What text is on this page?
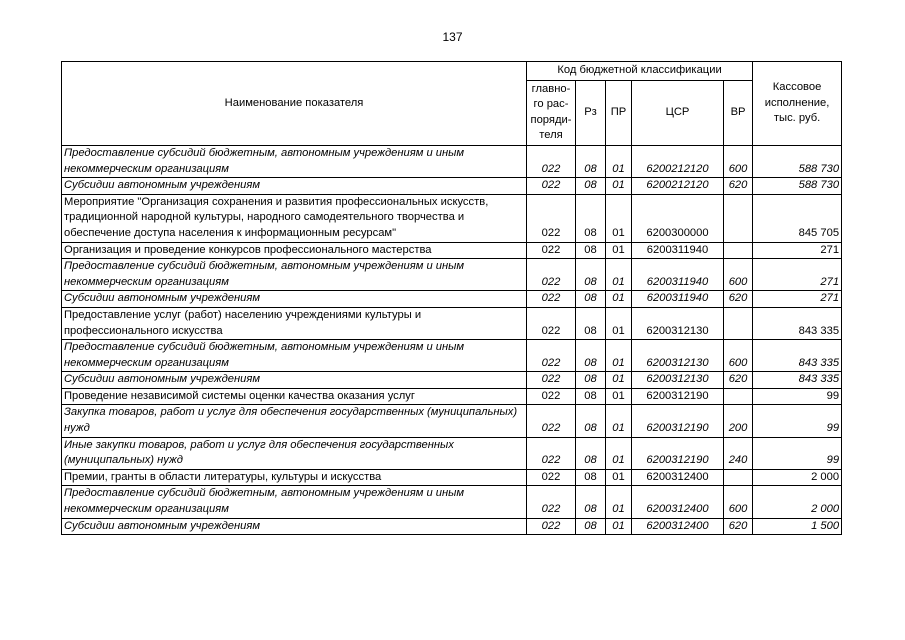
137
Наименование показателя	Код бюджетной классификации					Кассовое исполнение, тыс. руб.
	главно-
го рас-
поряди-
теля	Рз	ПР	ЦСР	ВР	
Предоставление субсидий бюджетным, автономным учреждениям и иным некоммерческим организациям	022	08	01	6200212120	600	588 730
Субсидии автономным учреждениям	022	08	01	6200212120	620	588 730
Мероприятие "Организация сохранения и развития профессиональных искусств, традиционной народной культуры, народного самодеятельного творчества и обеспечение доступа населения к информационным ресурсам"	022	08	01	6200300000		845 705
Организация и проведение конкурсов профессионального мастерства	022	08	01	6200311940		271
Предоставление субсидий бюджетным, автономным учреждениям и иным некоммерческим организациям	022	08	01	6200311940	600	271
Субсидии автономным учреждениям	022	08	01	6200311940	620	271
Предоставление услуг (работ) населению учреждениями культуры и профессионального искусства	022	08	01	6200312130		843 335
Предоставление субсидий бюджетным, автономным учреждениям и иным некоммерческим организациям	022	08	01	6200312130	600	843 335
Субсидии автономным учреждениям	022	08	01	6200312130	620	843 335
Проведение независимой системы оценки качества оказания услуг	022	08	01	6200312190		99
Закупка товаров, работ и услуг для обеспечения государственных (муниципальных) нужд	022	08	01	6200312190	200	99
Иные закупки товаров, работ и услуг для обеспечения государственных (муниципальных) нужд	022	08	01	6200312190	240	99
Премии, гранты в области литературы, культуры и искусства	022	08	01	6200312400		2 000
Предоставление субсидий бюджетным, автономным учреждениям и иным некоммерческим организациям	022	08	01	6200312400	600	2 000
Субсидии автономным учреждениям	022	08	01	6200312400	620	1 500
